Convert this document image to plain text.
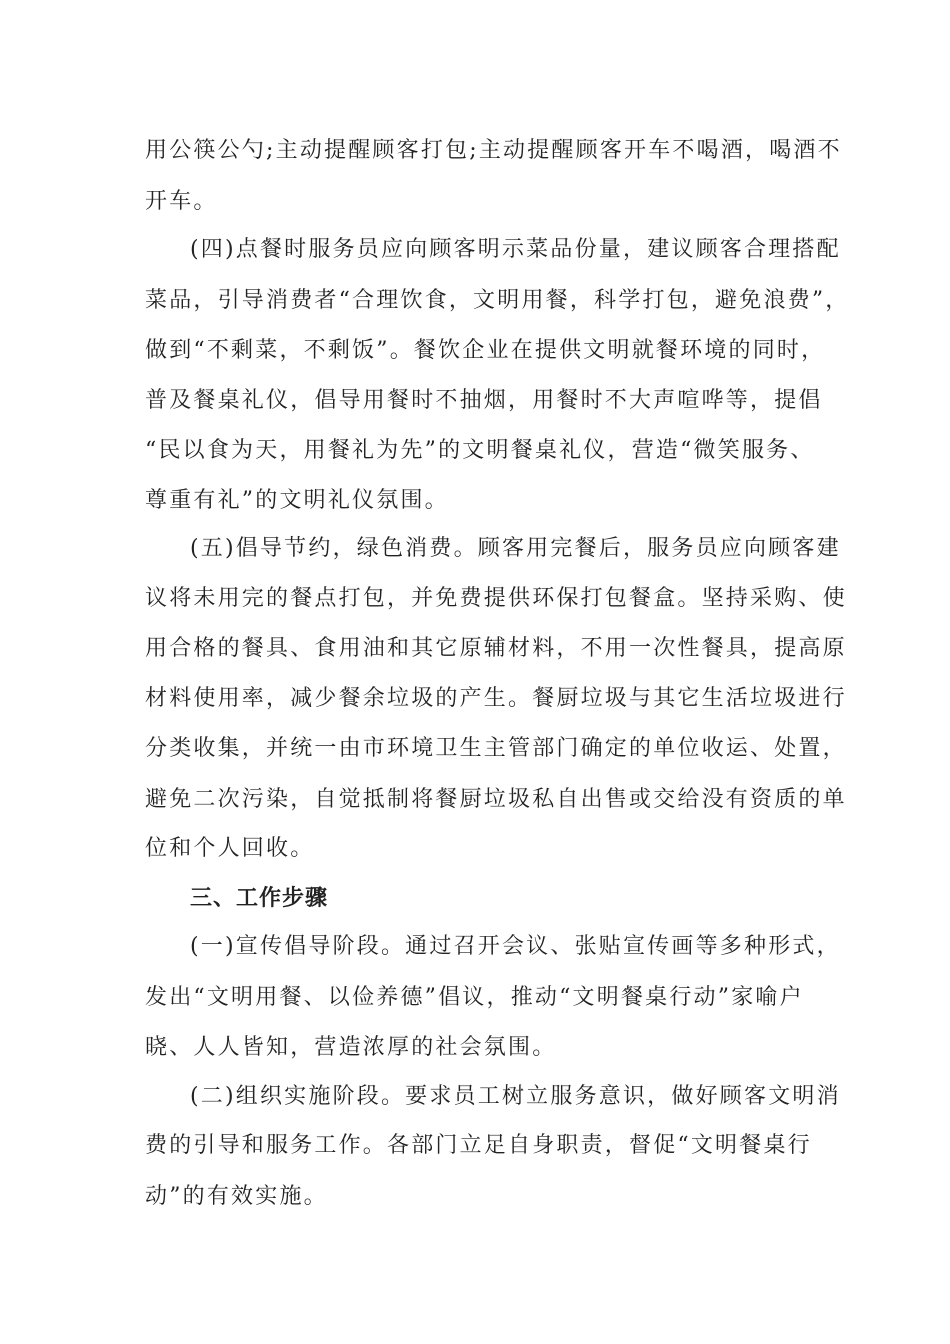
用公筷公勺;主动提醒顾客打包;主动提醒顾客开车不喝酒，喝酒不
开车。
(四)点餐时服务员应向顾客明示菜品份量，建议顾客合理搭配
菜品，引导消费者“合理饮食，文明用餐，科学打包，避免浪费”，
做到“不剩菜，不剩饭”。餐饮企业在提供文明就餐环境的同时，
普及餐桌礼仪，倡导用餐时不抽烟，用餐时不大声喧哗等，提倡
“民以食为天，用餐礼为先”的文明餐桌礼仪，营造“微笑服务、
尊重有礼”的文明礼仪氛围。
(五)倡导节约，绿色消费。顾客用完餐后，服务员应向顾客建
议将未用完的餐点打包，并免费提供环保打包餐盒。坚持采购、使
用合格的餐具、食用油和其它原辅材料，不用一次性餐具，提高原
材料使用率，减少餐余垃圾的产生。餐厨垃圾与其它生活垃圾进行
分类收集，并统一由市环境卫生主管部门确定的单位收运、处置，
避免二次污染，自觉抵制将餐厨垃圾私自出售或交给没有资质的单
位和个人回收。
三、工作步骤
(一)宣传倡导阶段。通过召开会议、张贴宣传画等多种形式，
发出“文明用餐、以俭养德”倡议，推动“文明餐桌行动”家喻户
晓、人人皆知，营造浓厚的社会氛围。
(二)组织实施阶段。要求员工树立服务意识，做好顾客文明消
费的引导和服务工作。各部门立足自身职责，督促“文明餐桌行
动”的有效实施。
